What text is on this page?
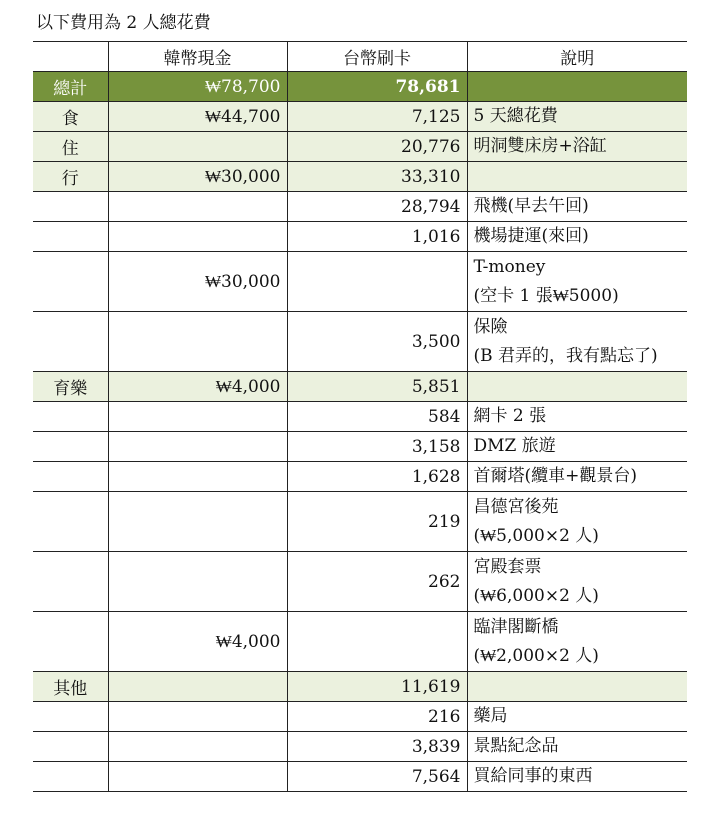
以下費用為 2 人總花費
	韓幣現金	台幣刷卡	說明
總計	₩78,700	78,681	
食	₩44,700	7,125	5 天總花費

住		20,776	明洞雙床房+浴缸

行	₩30,000	33,310	

		28,794	飛機(早去午回)

		1,016	機場捷運(來回)

	₩30,000		T-money
(空卡 1 張₩5000)

		3,500	保險
(B 君弄的，我有點忘了)

育樂	₩4,000	5,851	

		584	網卡 2 張

		3,158	DMZ 旅遊

		1,628	首爾塔(纜車+觀景台)

		219	昌德宮後苑
(₩5,000×2 人)

		262	宮殿套票
(₩6,000×2 人)

	₩4,000		臨津閣斷橋
(₩2,000×2 人)

其他		11,619	

		216	藥局

		3,839	景點紀念品

		7,564	買給同事的東西
